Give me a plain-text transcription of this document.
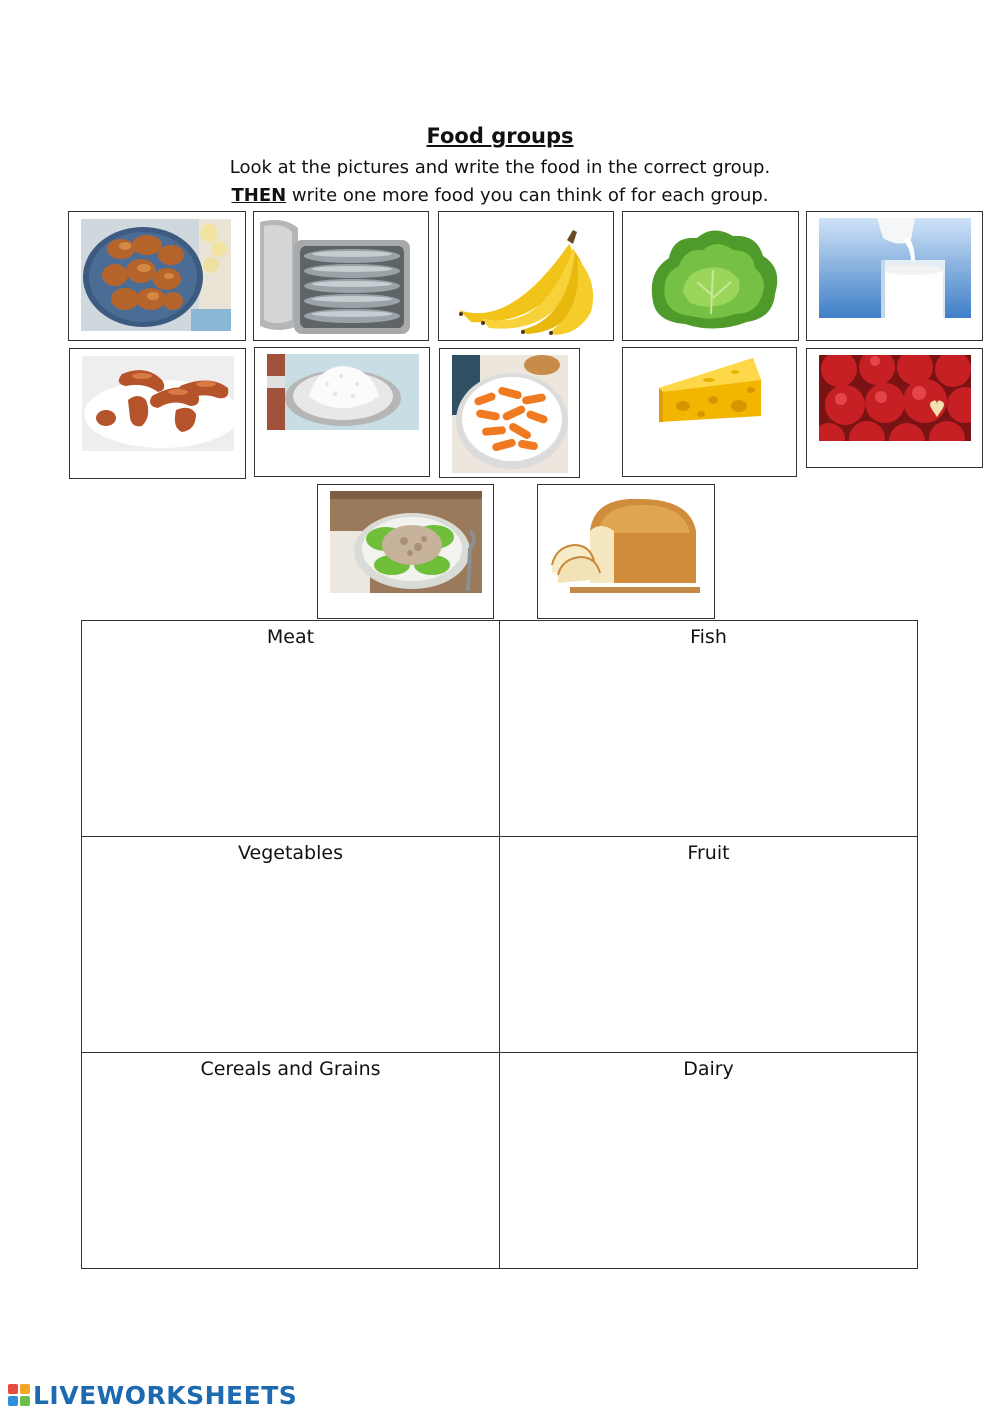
Food groups
Look at the pictures and write the food in the correct group.
THEN write one more food you can think of for each group.
Meat	Fish
Vegetables	Fruit
Cereals and Grains	Dairy
LIVEWORKSHEETS
